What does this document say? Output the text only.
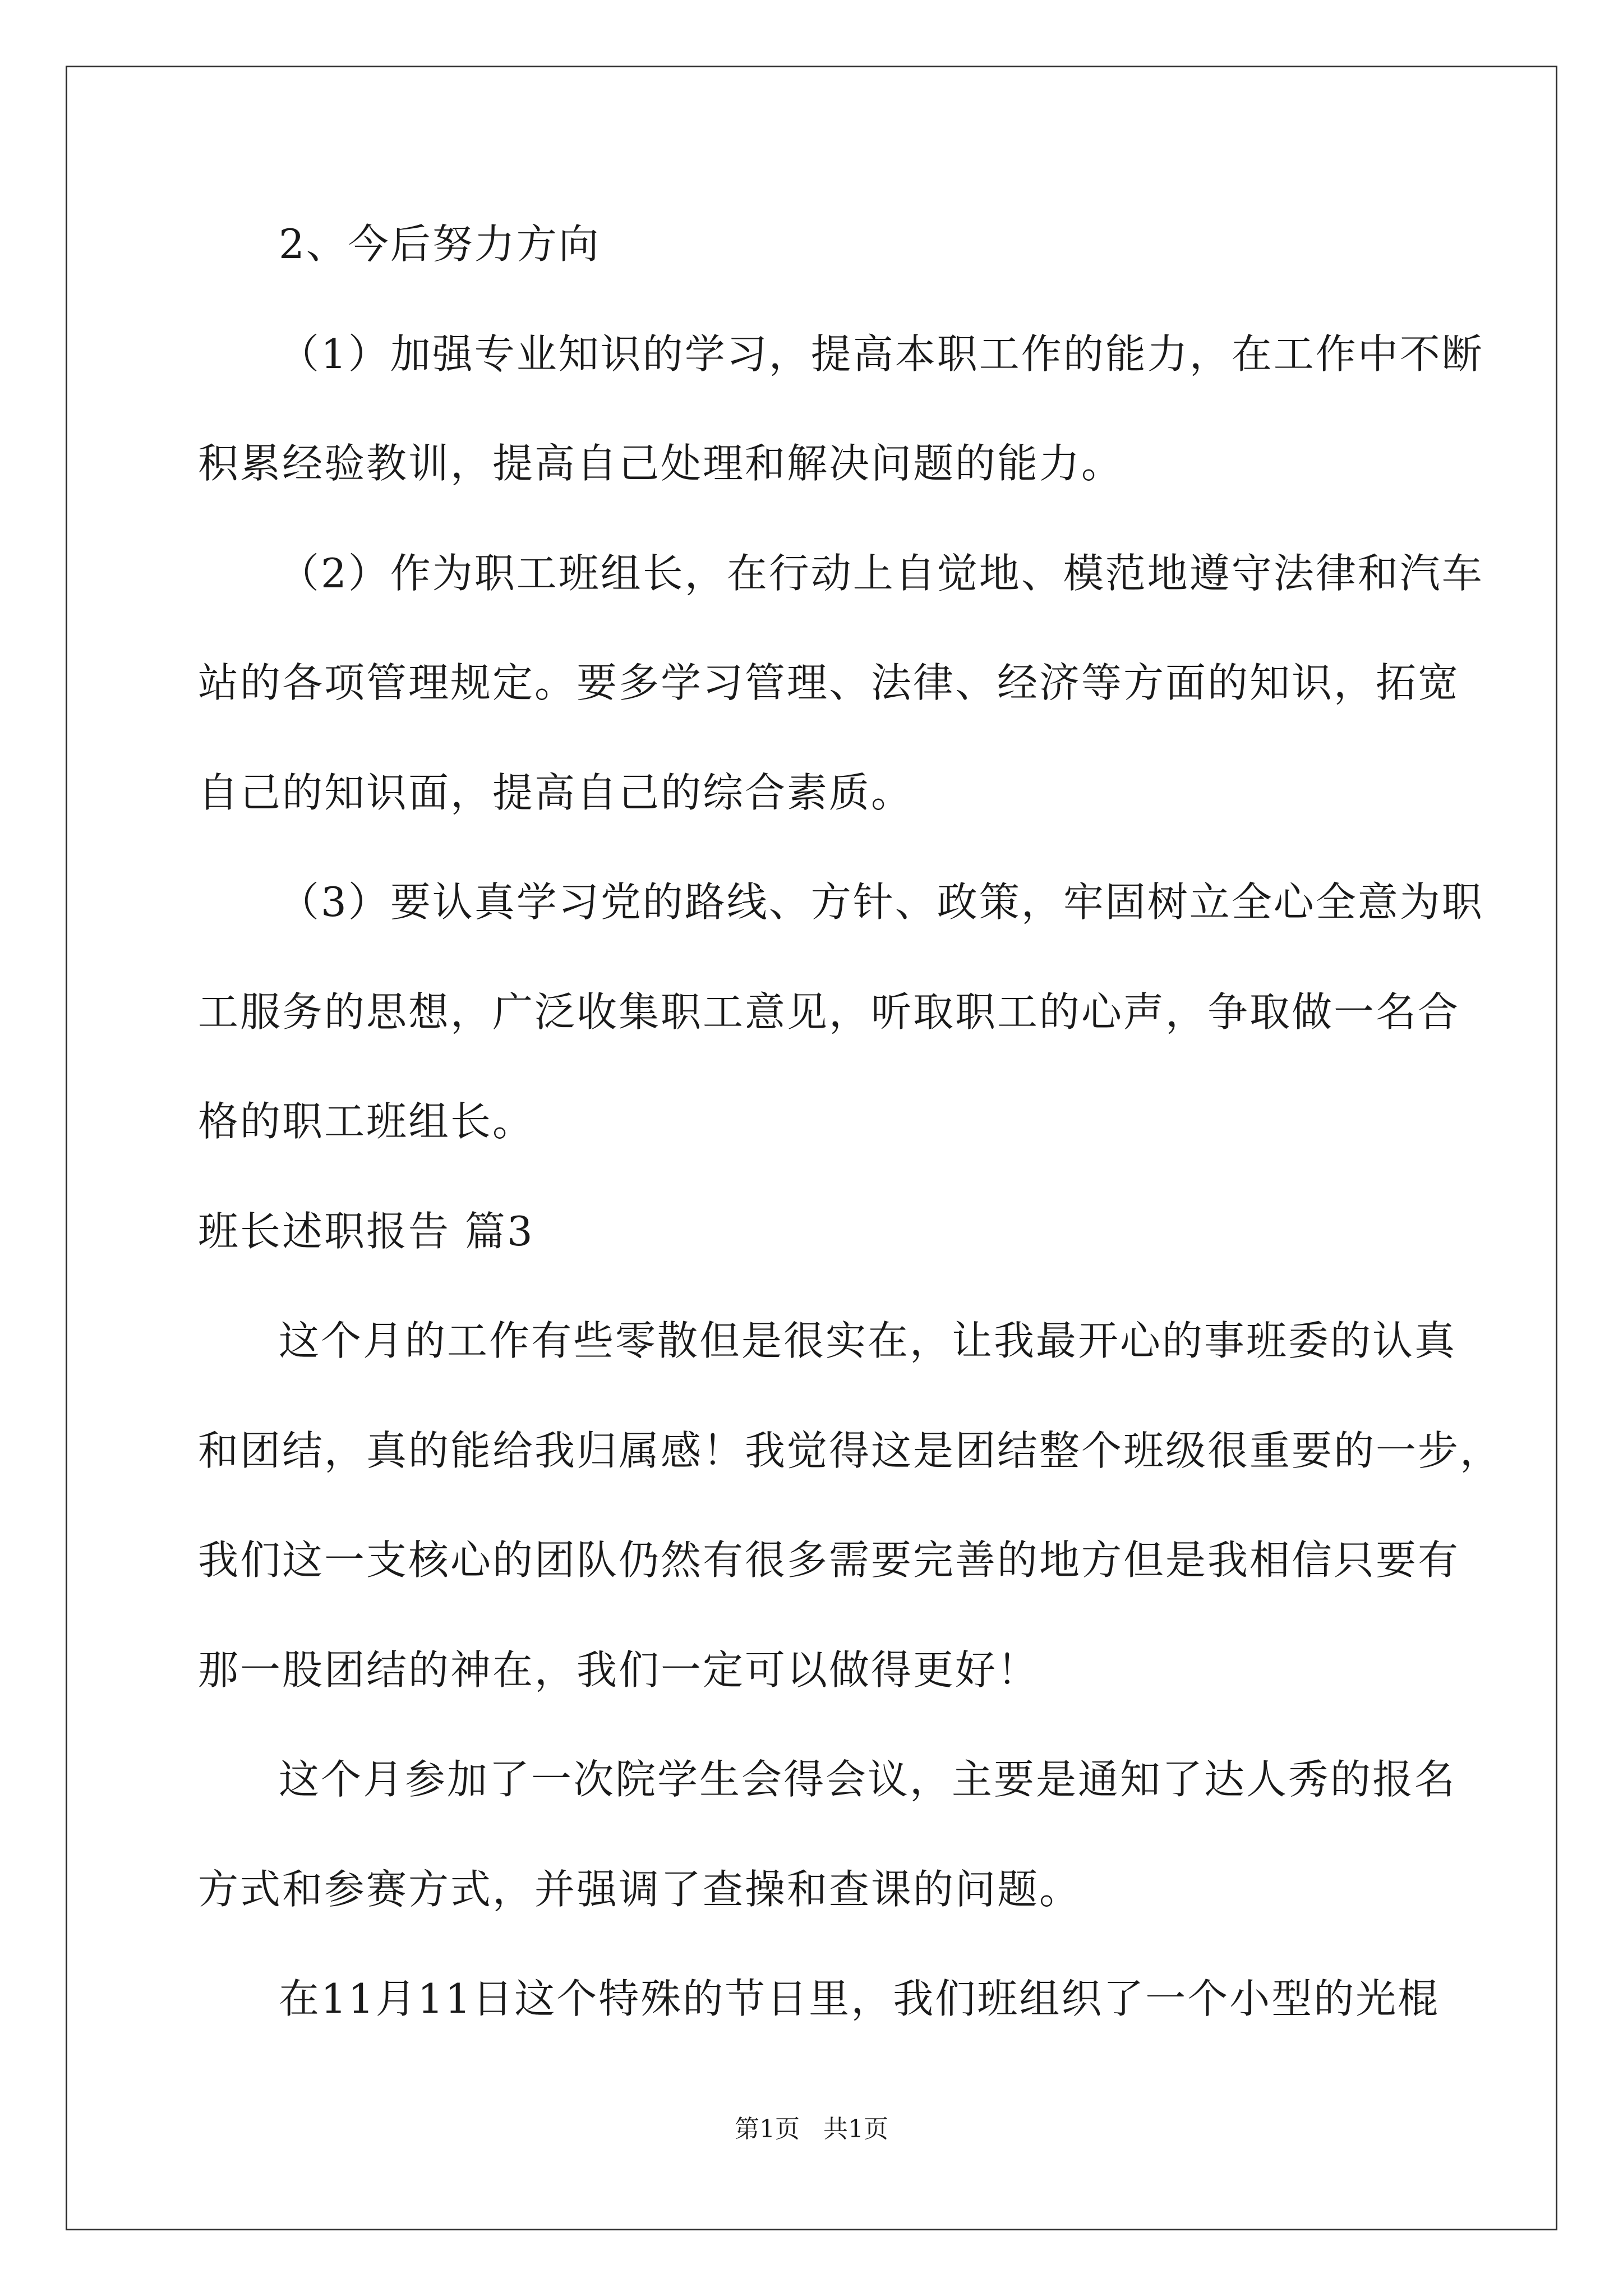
2、今后努力方向
（1）加强专业知识的学习，提高本职工作的能力，在工作中不断
积累经验教训，提高自己处理和解决问题的能力。
（2）作为职工班组长，在行动上自觉地、模范地遵守法律和汽车
站的各项管理规定。要多学习管理、法律、经济等方面的知识，拓宽
自己的知识面，提高自己的综合素质。
（3）要认真学习党的路线、方针、政策，牢固树立全心全意为职
工服务的思想，广泛收集职工意见，听取职工的心声，争取做一名合
格的职工班组长。
班长述职报告 篇3
这个月的工作有些零散但是很实在，让我最开心的事班委的认真
和团结，真的能给我归属感！我觉得这是团结整个班级很重要的一步，
我们这一支核心的团队仍然有很多需要完善的地方但是我相信只要有
那一股团结的神在，我们一定可以做得更好！
这个月参加了一次院学生会得会议，主要是通知了达人秀的报名
方式和参赛方式，并强调了查操和查课的问题。
在11月11日这个特殊的节日里，我们班组织了一个小型的光棍
第1页   共1页
